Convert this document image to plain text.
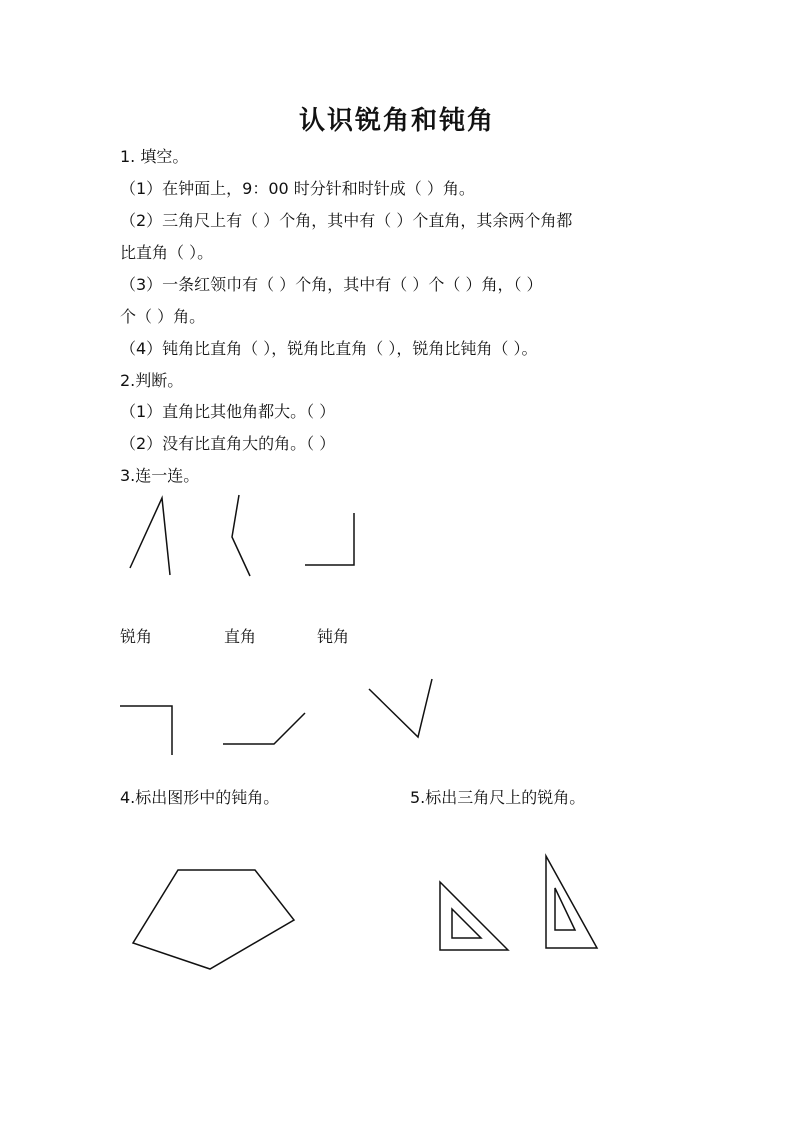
认识锐角和钝角
1. 填空。
（1）在钟面上，9：00 时分针和时针成（ ）角。
（2）三角尺上有（ ）个角，其中有（ ）个直角，其余两个角都
比直角（ ）。
（3）一条红领巾有（ ）个角，其中有（ ）个（ ）角，（ ）
个（ ）角。
（4）钝角比直角（ ），锐角比直角（ ），锐角比钝角（ ）。
2.判断。
（1）直角比其他角都大。（ ）
（2）没有比直角大的角。（ ）
3.连一连。
锐角	直角	钝角
4.标出图形中的钝角。	5.标出三角尺上的锐角。
